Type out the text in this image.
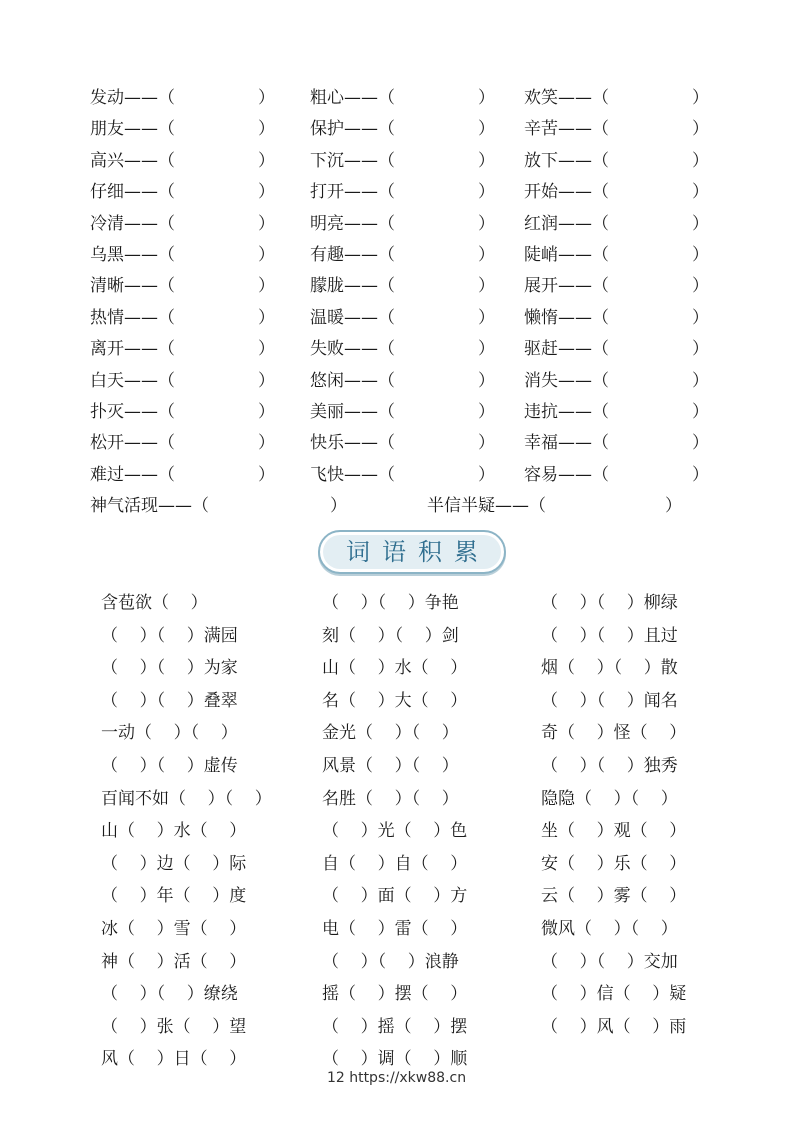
发动——（	） 粗心——（	） 欢笑——（	）
朋友——（	） 保护——（	） 辛苦——（	）
高兴——（	） 下沉——（	） 放下——（	）
仔细——（	） 打开——（	） 开始——（	）
冷清——（	） 明亮——（	） 红润——（	）
乌黑——（	） 有趣——（	） 陡峭——（	）
清晰——（	） 朦胧——（	） 展开——（	）
热情——（	） 温暖——（	） 懒惰——（	）
离开——（	） 失败——（	） 驱赶——（	）
白天——（	） 悠闲——（	） 消失——（	）
扑灭——（	） 美丽——（	） 违抗——（	）
松开——（	） 快乐——（	） 幸福——（	）
难过——（	） 飞快——（	） 容易——（	）
神气活现——（	）	半信半疑——（	）
词语积累
含苞欲（    ）	（    ）（    ）争艳	（    ）（    ）柳绿
（    ）（    ）满园	刻（    ）（    ）剑	（    ）（    ）且过
（    ）（    ）为家	山（    ）水（    ）	烟（    ）（    ）散
（    ）（    ）叠翠	名（    ）大（    ）	（    ）（    ）闻名
一动（    ）（    ）	金光（    ）（    ）	奇（    ）怪（    ）
（    ）（    ）虚传	风景（    ）（    ）	（    ）（    ）独秀
百闻不如（    ）（    ）	名胜（    ）（    ）	隐隐（    ）（    ）
山（    ）水（    ）	（    ）光（    ）色	坐（    ）观（    ）
（    ）边（    ）际	自（    ）自（    ）	安（    ）乐（    ）
（    ）年（    ）度	（    ）面（    ）方	云（    ）雾（    ）
冰（    ）雪（    ）	电（    ）雷（    ）	微风（    ）（    ）
神（    ）活（    ）	（    ）（    ）浪静	（    ）（    ）交加
（    ）（    ）缭绕	摇（    ）摆（    ）	（    ）信（    ）疑
（    ）张（    ）望	（    ）摇（    ）摆	（    ）风（    ）雨
风（    ）日（    ）	（    ）调（    ）顺
12 https://xkw88.cn
